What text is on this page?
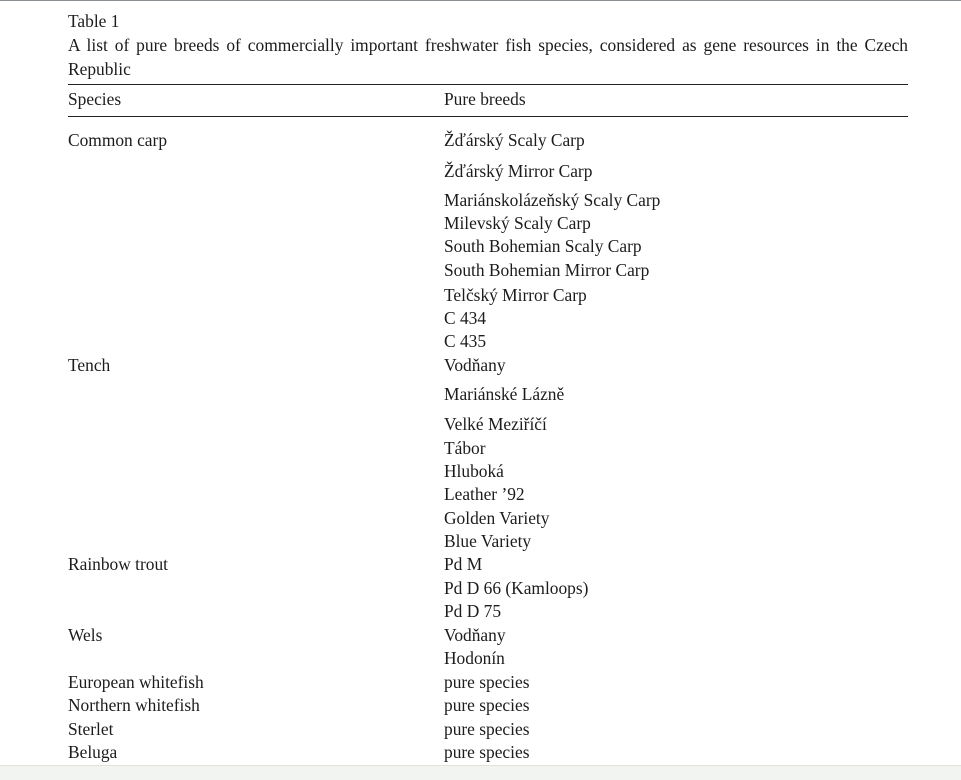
Table 1
A list of pure breeds of commercially important freshwater fish species, considered as gene resources in the Czech Republic
Species	Pure breeds
Common carp	Žďárský Scaly Carp
Žďárský Mirror Carp
Mariánskolázeňský Scaly Carp
Milevský Scaly Carp
South Bohemian Scaly Carp
South Bohemian Mirror Carp
Telčský Mirror Carp
C 434
C 435
Tench	Vodňany
Mariánské Lázně
Velké Meziříčí
Tábor
Hluboká
Leather ’92
Golden Variety
Blue Variety
Rainbow trout	Pd M
Pd D 66 (Kamloops)
Pd D 75
Wels	Vodňany
Hodonín
European whitefish	pure species
Northern whitefish	pure species
Sterlet	pure species
Beluga	pure species
